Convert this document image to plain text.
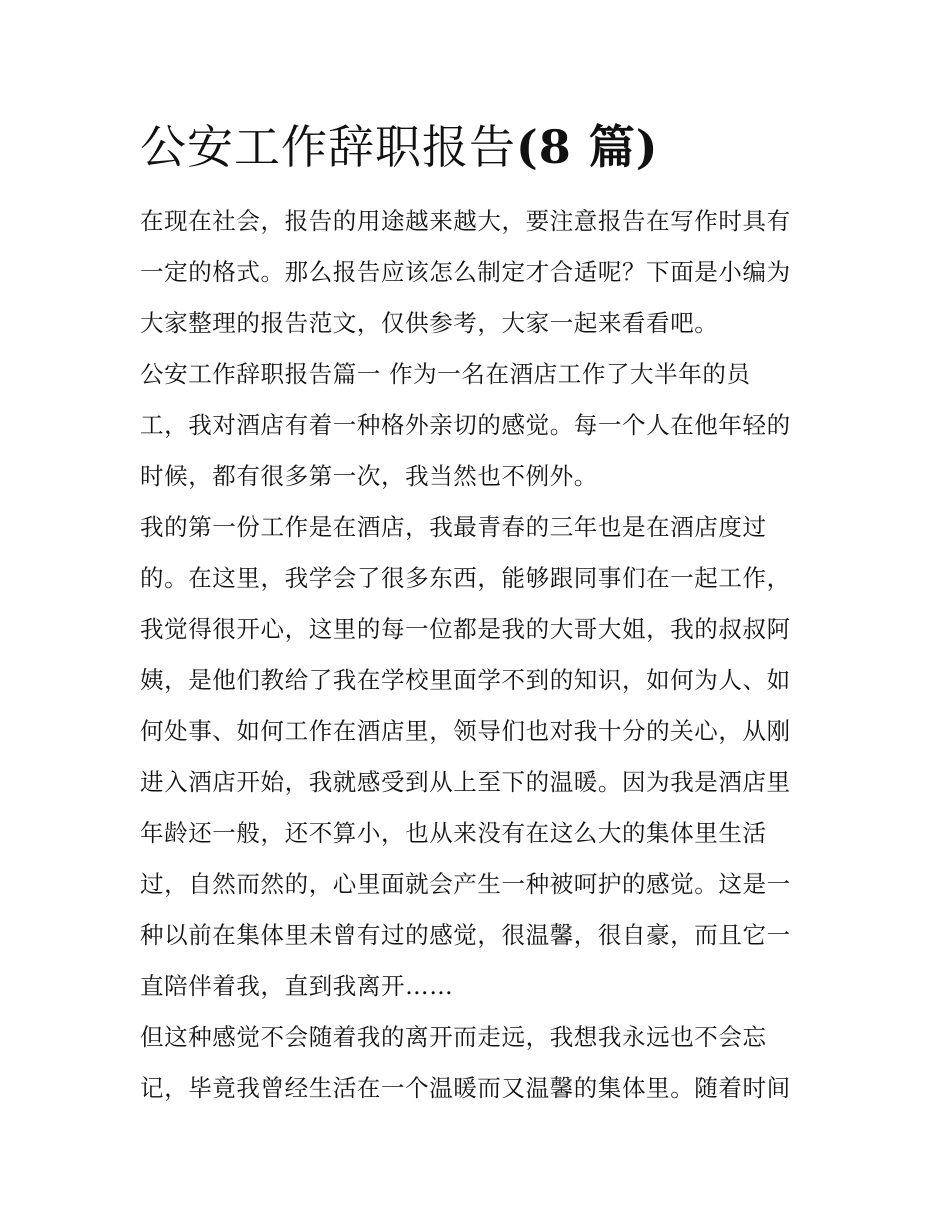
公安工作辞职报告(8 篇)
在现在社会，报告的用途越来越大，要注意报告在写作时具有
一定的格式。那么报告应该怎么制定才合适呢？下面是小编为
大家整理的报告范文，仅供参考，大家一起来看看吧。
公安工作辞职报告篇一 作为一名在酒店工作了大半年的员
工，我对酒店有着一种格外亲切的感觉。每一个人在他年轻的
时候，都有很多第一次，我当然也不例外。
我的第一份工作是在酒店，我最青春的三年也是在酒店度过
的。在这里，我学会了很多东西，能够跟同事们在一起工作，
我觉得很开心，这里的每一位都是我的大哥大姐，我的叔叔阿
姨，是他们教给了我在学校里面学不到的知识，如何为人、如
何处事、如何工作在酒店里，领导们也对我十分的关心，从刚
进入酒店开始，我就感受到从上至下的温暖。因为我是酒店里
年龄还一般，还不算小，也从来没有在这么大的集体里生活
过，自然而然的，心里面就会产生一种被呵护的感觉。这是一
种以前在集体里未曾有过的感觉，很温馨，很自豪，而且它一
直陪伴着我，直到我离开……
但这种感觉不会随着我的离开而走远，我想我永远也不会忘
记，毕竟我曾经生活在一个温暖而又温馨的集体里。随着时间
